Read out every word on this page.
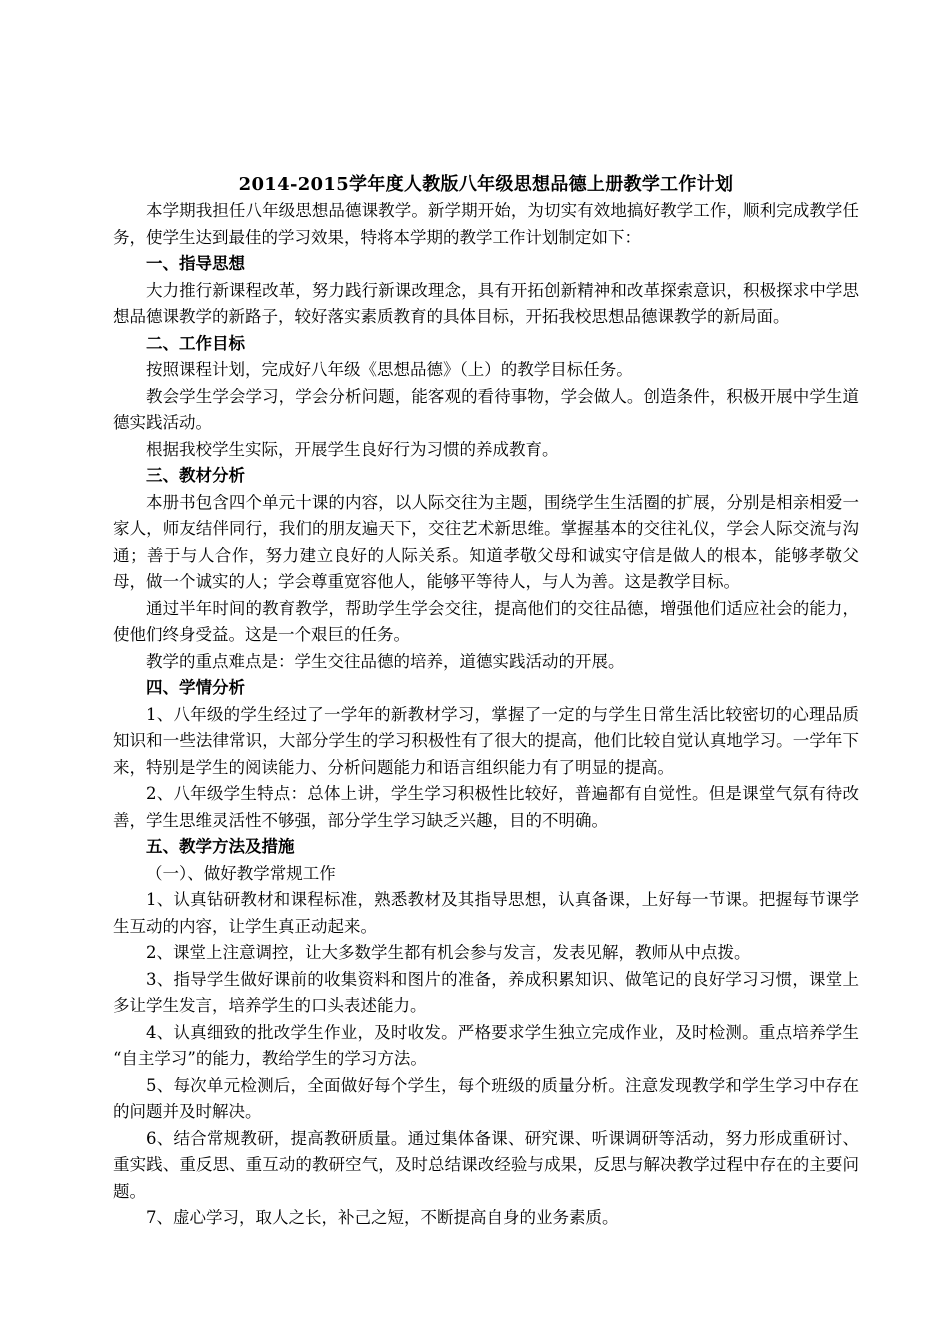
2014-2015学年度人教版八年级思想品德上册教学工作计划

本学期我担任八年级思想品德课教学。新学期开始，为切实有效地搞好教学工作，顺利完成教学任务，使学生达到最佳的学习效果，特将本学期的教学工作计划制定如下：

一、指导思想

大力推行新课程改革，努力践行新课改理念，具有开拓创新精神和改革探索意识，积极探求中学思想品德课教学的新路子，较好落实素质教育的具体目标，开拓我校思想品德课教学的新局面。

二、工作目标

按照课程计划，完成好八年级《思想品德》（上）的教学目标任务。

教会学生学会学习，学会分析问题，能客观的看待事物，学会做人。创造条件，积极开展中学生道德实践活动。

根据我校学生实际，开展学生良好行为习惯的养成教育。

三、教材分析

本册书包含四个单元十课的内容，以人际交往为主题，围绕学生生活圈的扩展，分别是相亲相爱一家人，师友结伴同行，我们的朋友遍天下，交往艺术新思维。掌握基本的交往礼仪，学会人际交流与沟通；善于与人合作，努力建立良好的人际关系。知道孝敬父母和诚实守信是做人的根本，能够孝敬父母，做一个诚实的人；学会尊重宽容他人，能够平等待人，与人为善。这是教学目标。

通过半年时间的教育教学，帮助学生学会交往，提高他们的交往品德，增强他们适应社会的能力，使他们终身受益。这是一个艰巨的任务。

教学的重点难点是：学生交往品德的培养，道德实践活动的开展。

四、学情分析

1、八年级的学生经过了一学年的新教材学习，掌握了一定的与学生日常生活比较密切的心理品质知识和一些法律常识，大部分学生的学习积极性有了很大的提高，他们比较自觉认真地学习。一学年下来，特别是学生的阅读能力、分析问题能力和语言组织能力有了明显的提高。

2、八年级学生特点：总体上讲，学生学习积极性比较好，普遍都有自觉性。但是课堂气氛有待改善，学生思维灵活性不够强，部分学生学习缺乏兴趣，目的不明确。

五、教学方法及措施

（一）、做好教学常规工作

1、认真钻研教材和课程标准，熟悉教材及其指导思想，认真备课，上好每一节课。把握每节课学生互动的内容，让学生真正动起来。

2、课堂上注意调控，让大多数学生都有机会参与发言，发表见解，教师从中点拨。

3、指导学生做好课前的收集资料和图片的准备，养成积累知识、做笔记的良好学习习惯，课堂上多让学生发言，培养学生的口头表述能力。

4、认真细致的批改学生作业，及时收发。严格要求学生独立完成作业，及时检测。重点培养学生 “自主学习”的能力，教给学生的学习方法。

5、每次单元检测后，全面做好每个学生，每个班级的质量分析。注意发现教学和学生学习中存在的问题并及时解决。

6、结合常规教研，提高教研质量。通过集体备课、研究课、听课调研等活动，努力形成重研讨、重实践、重反思、重互动的教研空气，及时总结课改经验与成果，反思与解决教学过程中存在的主要问题。

7、虚心学习，取人之长，补己之短，不断提高自身的业务素质。
